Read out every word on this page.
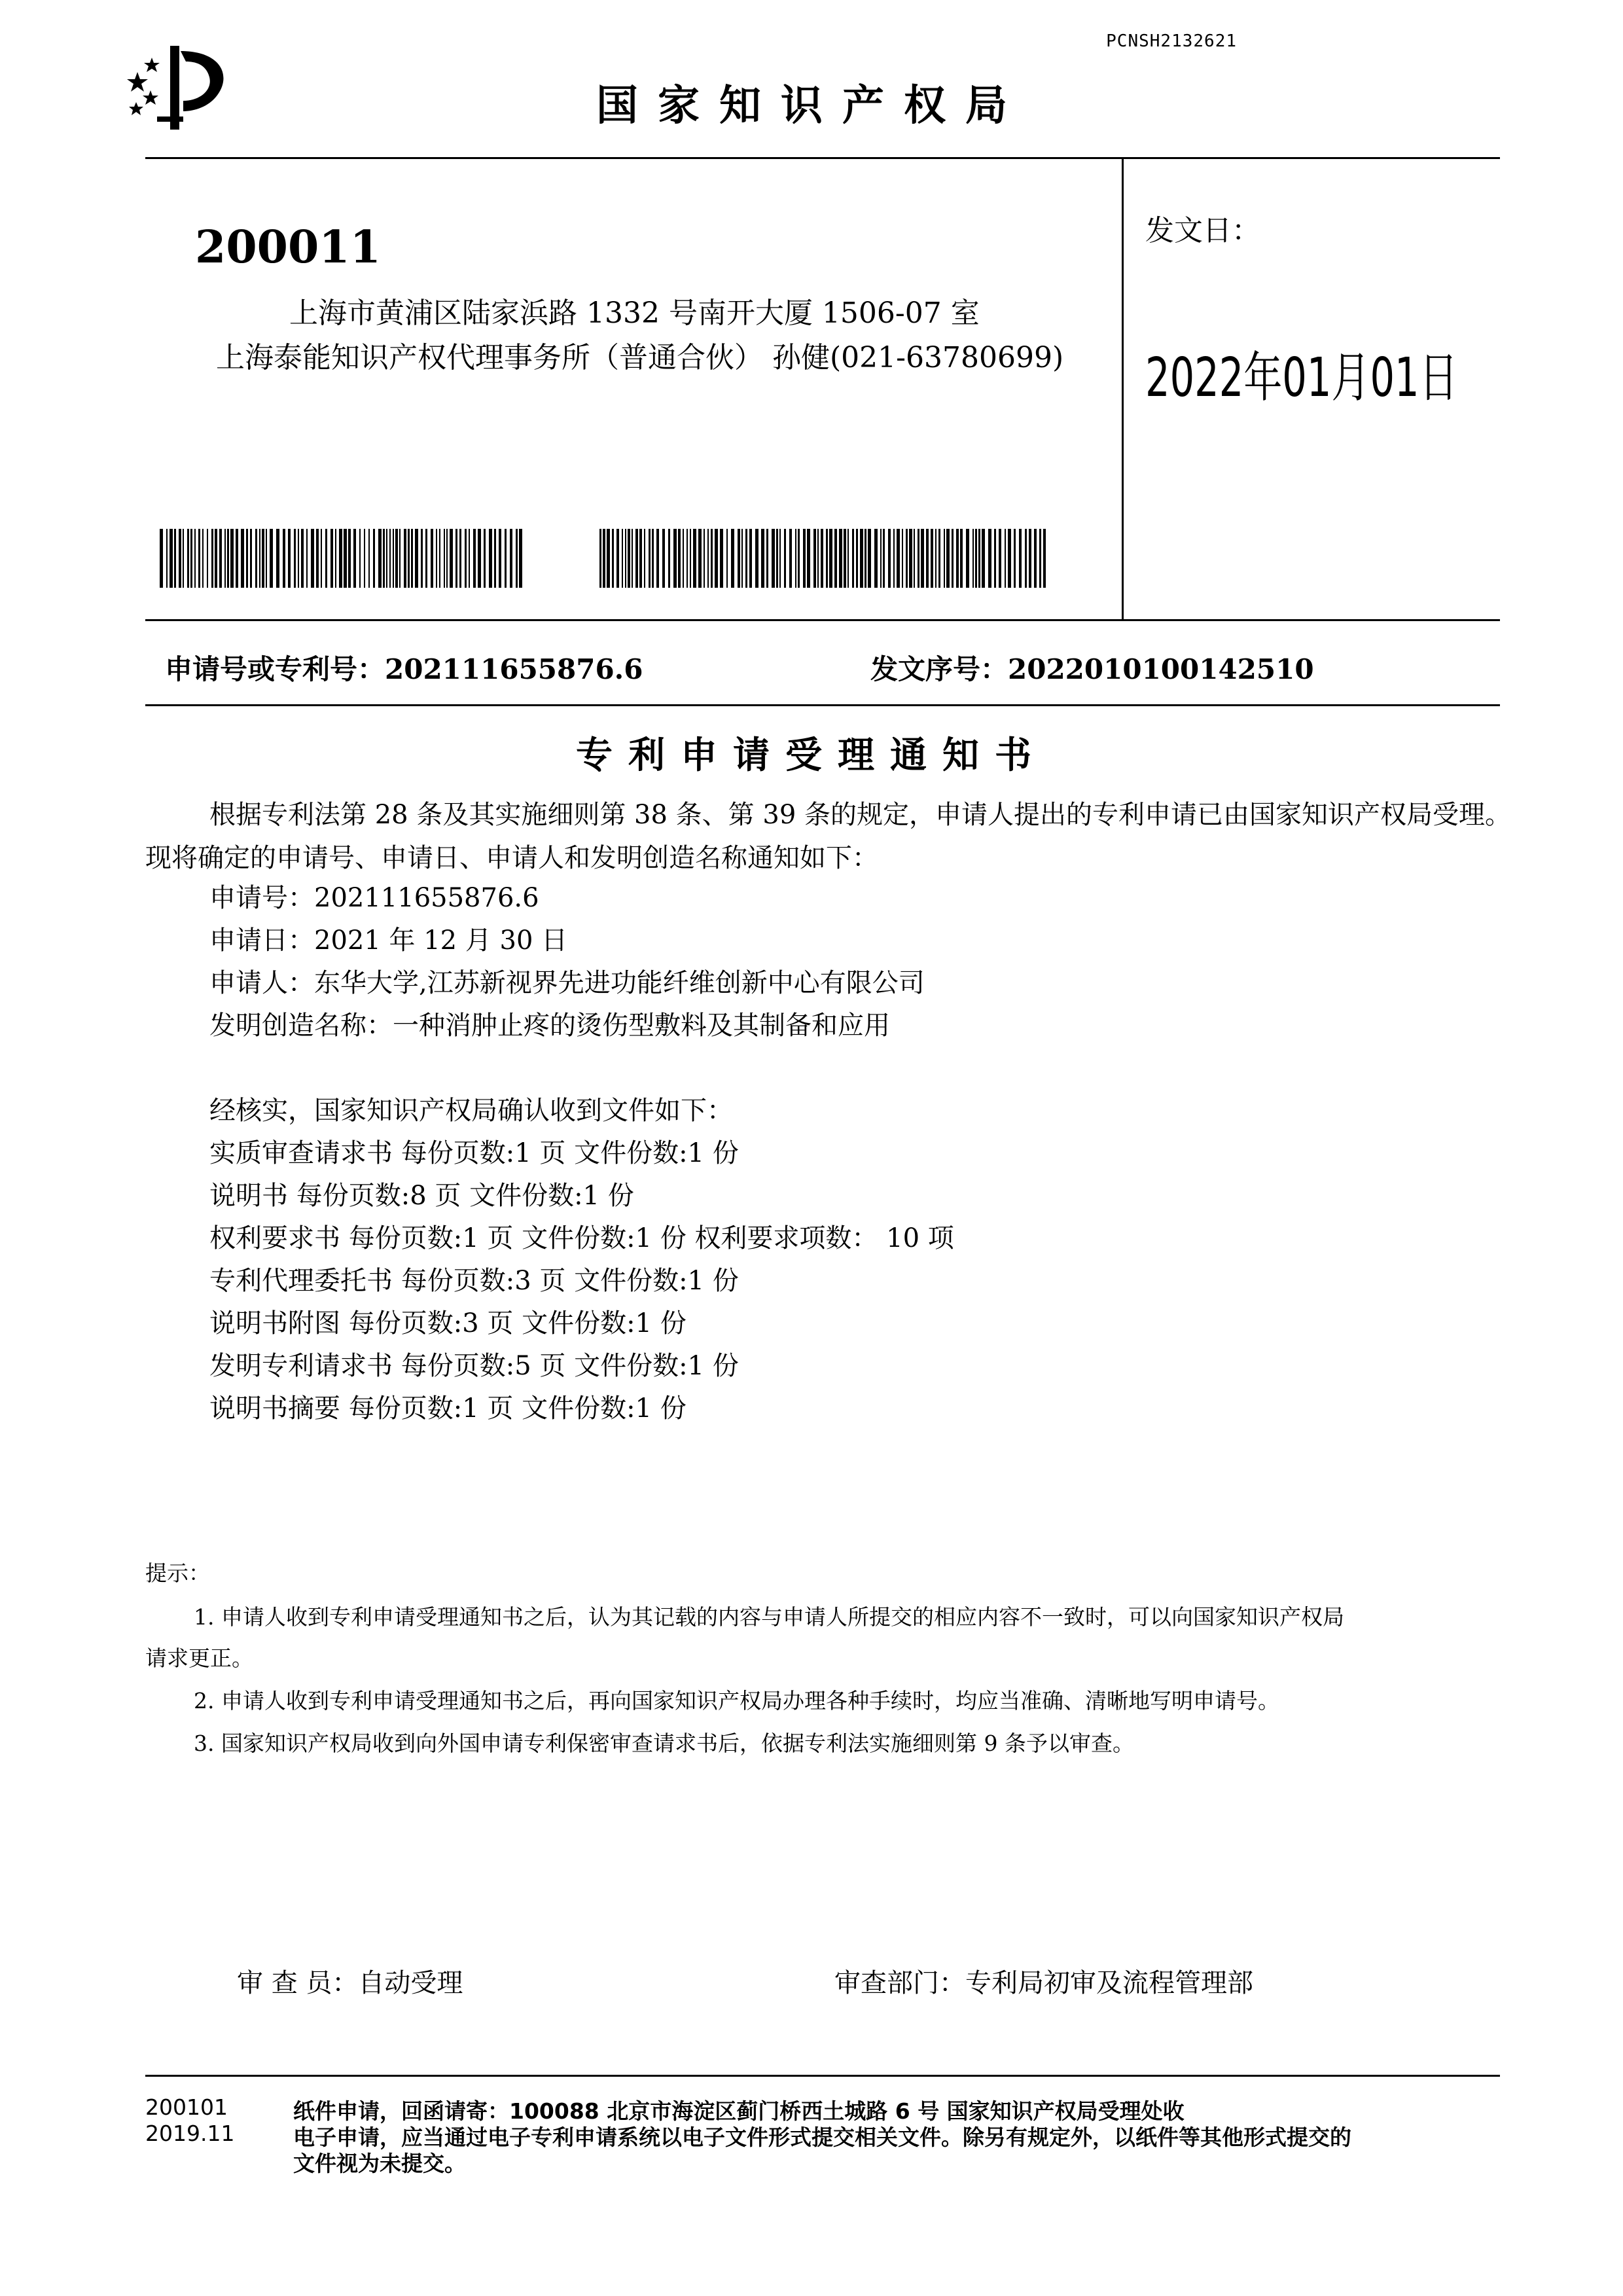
PCNSH2132621
国家知识产权局
200011
上海市黄浦区陆家浜路 1332 号南开大厦 1506-07 室
上海泰能知识产权代理事务所（普通合伙） 孙健(021-63780699)
发文日：
2022年01月01日
申请号或专利号：202111655876.6	发文序号：2022010100142510
专利申请受理通知书
根据专利法第 28 条及其实施细则第 38 条、第 39 条的规定，申请人提出的专利申请已由国家知识产权局受理。现将确定的申请号、申请日、申请人和发明创造名称通知如下：
申请号：202111655876.6
申请日：2021 年 12 月 30 日
申请人：东华大学,江苏新视界先进功能纤维创新中心有限公司
发明创造名称：一种消肿止疼的烫伤型敷料及其制备和应用
经核实，国家知识产权局确认收到文件如下：
实质审查请求书 每份页数:1 页 文件份数:1 份
说明书 每份页数:8 页 文件份数:1 份
权利要求书 每份页数:1 页 文件份数:1 份 权利要求项数： 10 项
专利代理委托书 每份页数:3 页 文件份数:1 份
说明书附图 每份页数:3 页 文件份数:1 份
发明专利请求书 每份页数:5 页 文件份数:1 份
说明书摘要 每份页数:1 页 文件份数:1 份
提示：
1. 申请人收到专利申请受理通知书之后，认为其记载的内容与申请人所提交的相应内容不一致时，可以向国家知识产权局
请求更正。
2. 申请人收到专利申请受理通知书之后，再向国家知识产权局办理各种手续时，均应当准确、清晰地写明申请号。
3. 国家知识产权局收到向外国申请专利保密审查请求书后，依据专利法实施细则第 9 条予以审查。
审 查 员：自动受理	审查部门：专利局初审及流程管理部
200101
2019.11
纸件申请，回函请寄：100088 北京市海淀区蓟门桥西土城路 6 号 国家知识产权局受理处收
电子申请，应当通过电子专利申请系统以电子文件形式提交相关文件。除另有规定外，以纸件等其他形式提交的
文件视为未提交。
